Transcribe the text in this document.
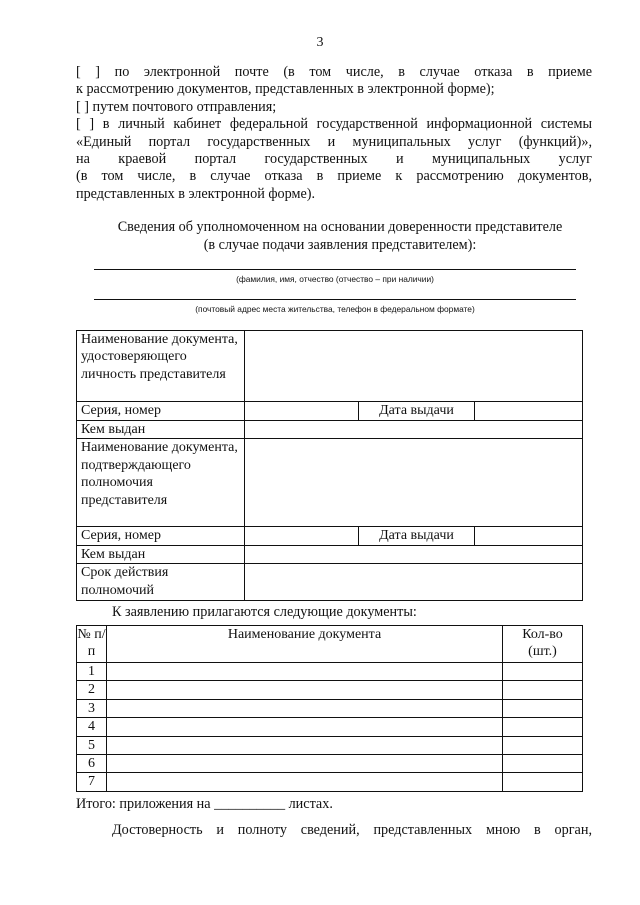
3
[ ] по электронной почте (в том числе, в случае отказа в приеме
к рассмотрению документов, представленных в электронной форме);
[ ] путем почтового отправления;
[ ] в личный кабинет федеральной государственной информационной системы
«Единый портал государственных и муниципальных услуг (функций)»,
на краевой портал государственных и муниципальных услуг
(в том числе, в случае отказа в приеме к рассмотрению документов,
представленных в электронной форме).
Сведения об уполномоченном на основании доверенности представителе
(в случае подачи заявления представителем):
(фамилия, имя, отчество (отчество – при наличии)
(почтовый адрес места жительства, телефон в федеральном формате)
Наименование документа, удостоверяющего личность представителя			
Серия, номер		Дата выдачи	
Кем выдан			
Наименование документа, подтверждающего полномочия представителя			
Серия, номер		Дата выдачи	
Кем выдан			
Срок действия полномочий			
К заявлению прилагаются следующие документы:
№ п/п	Наименование документа	Кол-во (шт.)
1		
2		
3		
4		
5		
6		
7		
Итого: приложения на __________ листах.
Достоверность и полноту сведений, представленных мною в орган,
